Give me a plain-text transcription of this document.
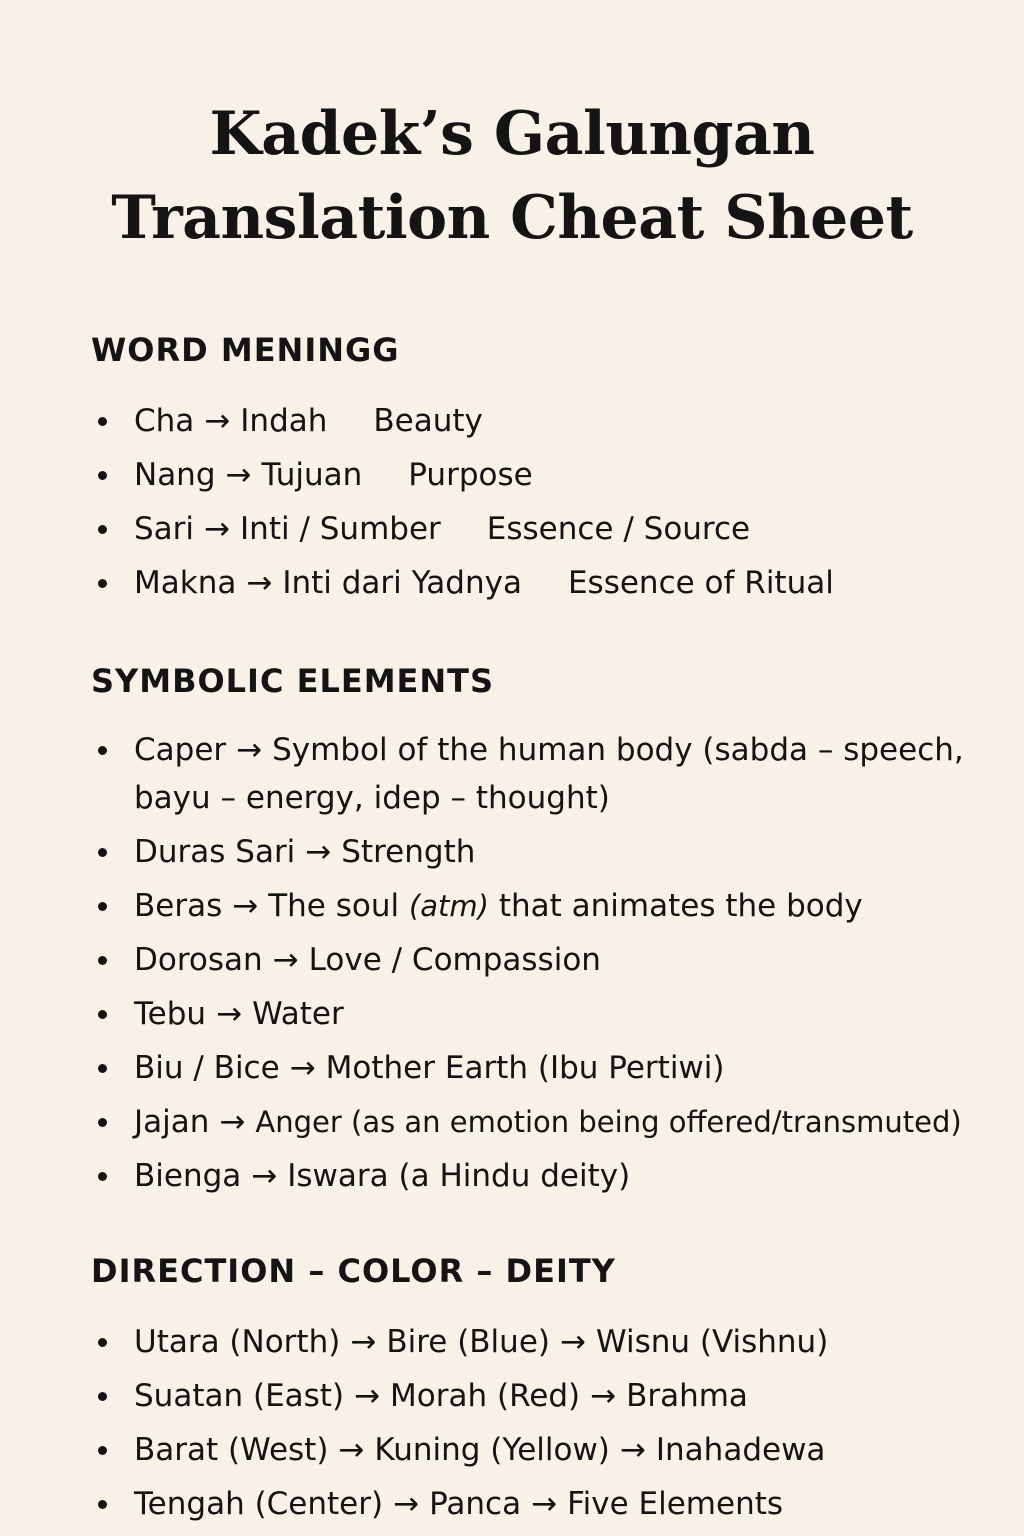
Kadek’s Galungan
Translation Cheat Sheet
WORD MENINGG
Cha → Indah Beauty
Nang → Tujuan Purpose
Sari → Inti / Sumber Essence / Source
Makna → Inti dari Yadnya Essence of Ritual
SYMBOLIC ELEMENTS
Caper → Symbol of the human body (sabda – speech, bayu – energy, idep – thought)
Duras Sari → Strength
Beras → The soul (atm) that animates the body
Dorosan → Love / Compassion
Tebu → Water
Biu / Bice → Mother Earth (Ibu Pertiwi)
Jajan → Anger (as an emotion being offered/transmuted)
Bienga → Iswara (a Hindu deity)
DIRECTION – COLOR – DEITY
Utara (North) → Bire (Blue) → Wisnu (Vishnu)
Suatan (East) → Morah (Red) → Brahma
Barat (West) → Kuning (Yellow) → Inahadewa
Tengah (Center) → Panca → Five Elements
